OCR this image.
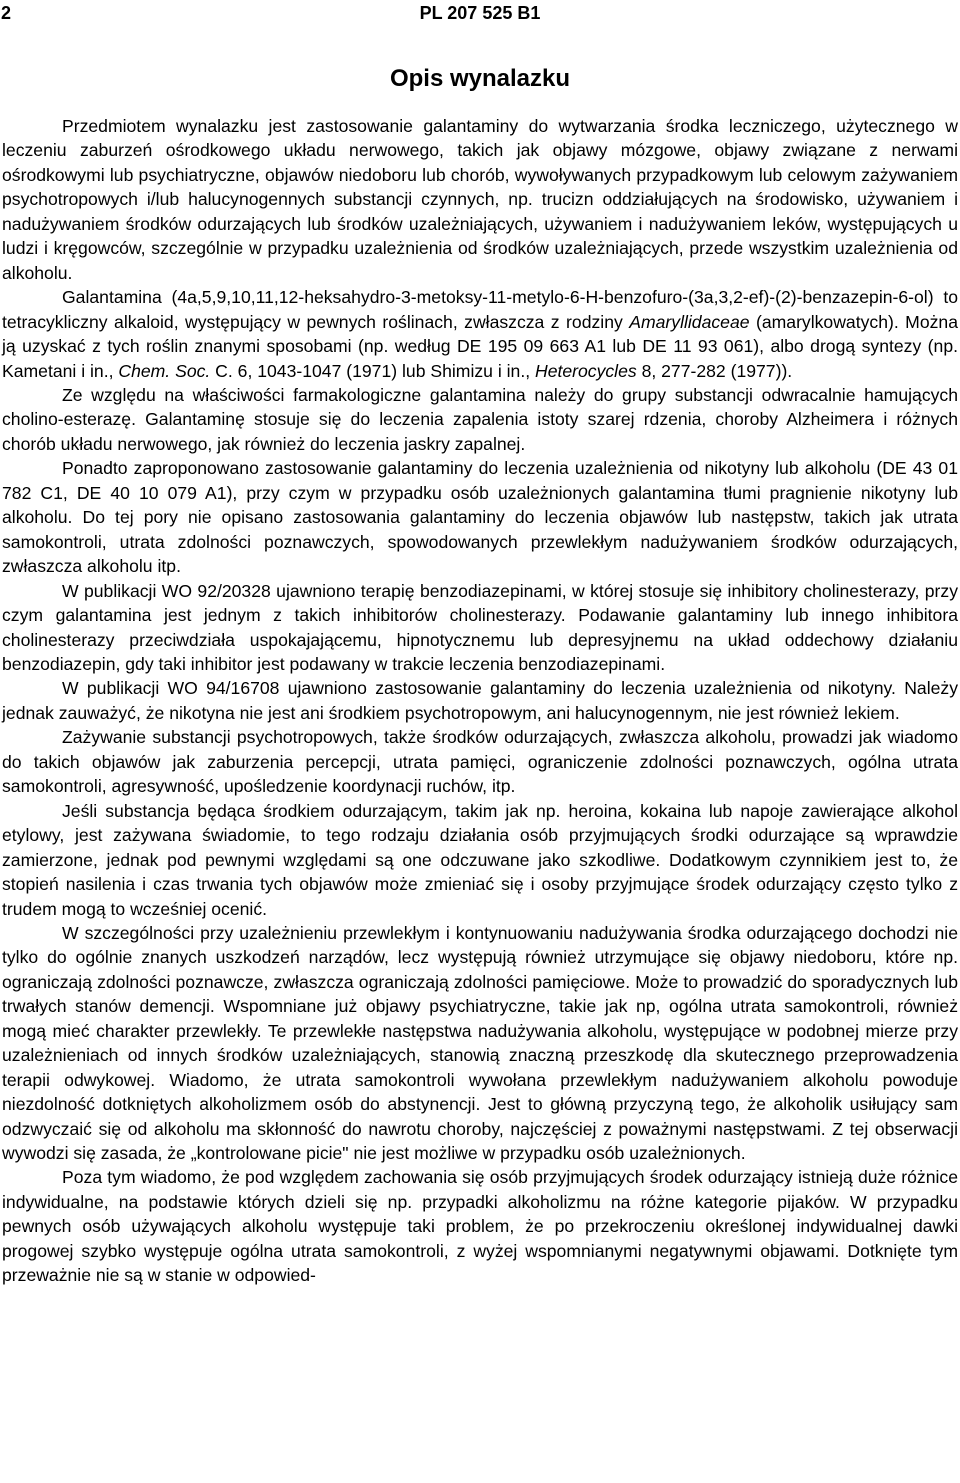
2	PL 207 525 B1
Opis wynalazku

Przedmiotem wynalazku jest zastosowanie galantaminy do wytwarzania środka leczniczego, użytecznego w leczeniu zaburzeń ośrodkowego układu nerwowego, takich jak objawy mózgowe, objawy związane z nerwami ośrodkowymi lub psychiatryczne, objawów niedoboru lub chorób, wywoływanych przypadkowym lub celowym zażywaniem psychotropowych i/lub halucynogennych substancji czynnych, np. trucizn oddziałujących na środowisko, używaniem i nadużywaniem środków odurzających lub środków uzależniających, używaniem i nadużywaniem leków, występujących u ludzi i kręgowców, szczególnie w przypadku uzależnienia od środków uzależniających, przede wszystkim uzależnienia od alkoholu.

Galantamina (4a,5,9,10,11,12-heksahydro-3-metoksy-11-metylo-6-H-benzofuro-(3a,3,2-ef)-(2)-benzazepin-6-ol) to tetracykliczny alkaloid, występujący w pewnych roślinach, zwłaszcza z rodziny Amaryllidaceae (amarylkowatych). Można ją uzyskać z tych roślin znanymi sposobami (np. według DE 195 09 663 A1 lub DE 11 93 061), albo drogą syntezy (np. Kametani i in., Chem. Soc. C. 6, 1043-1047 (1971) lub Shimizu i in., Heterocycles 8, 277-282 (1977)).

Ze względu na właściwości farmakologiczne galantamina należy do grupy substancji odwracalnie hamujących cholino-esterazę. Galantaminę stosuje się do leczenia zapalenia istoty szarej rdzenia, choroby Alzheimera i różnych chorób układu nerwowego, jak również do leczenia jaskry zapalnej.

Ponadto zaproponowano zastosowanie galantaminy do leczenia uzależnienia od nikotyny lub alkoholu (DE 43 01 782 C1, DE 40 10 079 A1), przy czym w przypadku osób uzależnionych galantamina tłumi pragnienie nikotyny lub alkoholu. Do tej pory nie opisano zastosowania galantaminy do leczenia objawów lub następstw, takich jak utrata samokontroli, utrata zdolności poznawczych, spowodowanych przewlekłym nadużywaniem środków odurzających, zwłaszcza alkoholu itp.

W publikacji WO 92/20328 ujawniono terapię benzodiazepinami, w której stosuje się inhibitory cholinesterazy, przy czym galantamina jest jednym z takich inhibitorów cholinesterazy. Podawanie galantaminy lub innego inhibitora cholinesterazy przeciwdziała uspokajającemu, hipnotycznemu lub depresyjnemu na układ oddechowy działaniu benzodiazepin, gdy taki inhibitor jest podawany w trakcie leczenia benzodiazepinami.

W publikacji WO 94/16708 ujawniono zastosowanie galantaminy do leczenia uzależnienia od nikotyny. Należy jednak zauważyć, że nikotyna nie jest ani środkiem psychotropowym, ani halucynogennym, nie jest również lekiem.

Zażywanie substancji psychotropowych, także środków odurzających, zwłaszcza alkoholu, prowadzi jak wiadomo do takich objawów jak zaburzenia percepcji, utrata pamięci, ograniczenie zdolności poznawczych, ogólna utrata samokontroli, agresywność, upośledzenie koordynacji ruchów, itp.

Jeśli substancja będąca środkiem odurzającym, takim jak np. heroina, kokaina lub napoje zawierające alkohol etylowy, jest zażywana świadomie, to tego rodzaju działania osób przyjmujących środki odurzające są wprawdzie zamierzone, jednak pod pewnymi względami są one odczuwane jako szkodliwe. Dodatkowym czynnikiem jest to, że stopień nasilenia i czas trwania tych objawów może zmieniać się i osoby przyjmujące środek odurzający często tylko z trudem mogą to wcześniej ocenić.

W szczególności przy uzależnieniu przewlekłym i kontynuowaniu nadużywania środka odurzającego dochodzi nie tylko do ogólnie znanych uszkodzeń narządów, lecz występują również utrzymujące się objawy niedoboru, które np. ograniczają zdolności poznawcze, zwłaszcza ograniczają zdolności pamięciowe. Może to prowadzić do sporadycznych lub trwałych stanów demencji. Wspomniane już objawy psychiatryczne, takie jak np, ogólna utrata samokontroli, również mogą mieć charakter przewlekły. Te przewlekłe następstwa nadużywania alkoholu, występujące w podobnej mierze przy uzależnieniach od innych środków uzależniających, stanowią znaczną przeszkodę dla skutecznego przeprowadzenia terapii odwykowej. Wiadomo, że utrata samokontroli wywołana przewlekłym nadużywaniem alkoholu powoduje niezdolność dotkniętych alkoholizmem osób do abstynencji. Jest to główną przyczyną tego, że alkoholik usiłujący sam odzwyczaić się od alkoholu ma skłonność do nawrotu choroby, najczęściej z poważnymi następstwami. Z tej obserwacji wywodzi się zasada, że „kontrolowane picie" nie jest możliwe w przypadku osób uzależnionych.

Poza tym wiadomo, że pod względem zachowania się osób przyjmujących środek odurzający istnieją duże różnice indywidualne, na podstawie których dzieli się np. przypadki alkoholizmu na różne kategorie pijaków. W przypadku pewnych osób używających alkoholu występuje taki problem, że po przekroczeniu określonej indywidualnej dawki progowej szybko występuje ogólna utrata samokontroli, z wyżej wspomnianymi negatywnymi objawami. Dotknięte tym przeważnie nie są w stanie w odpowied-
